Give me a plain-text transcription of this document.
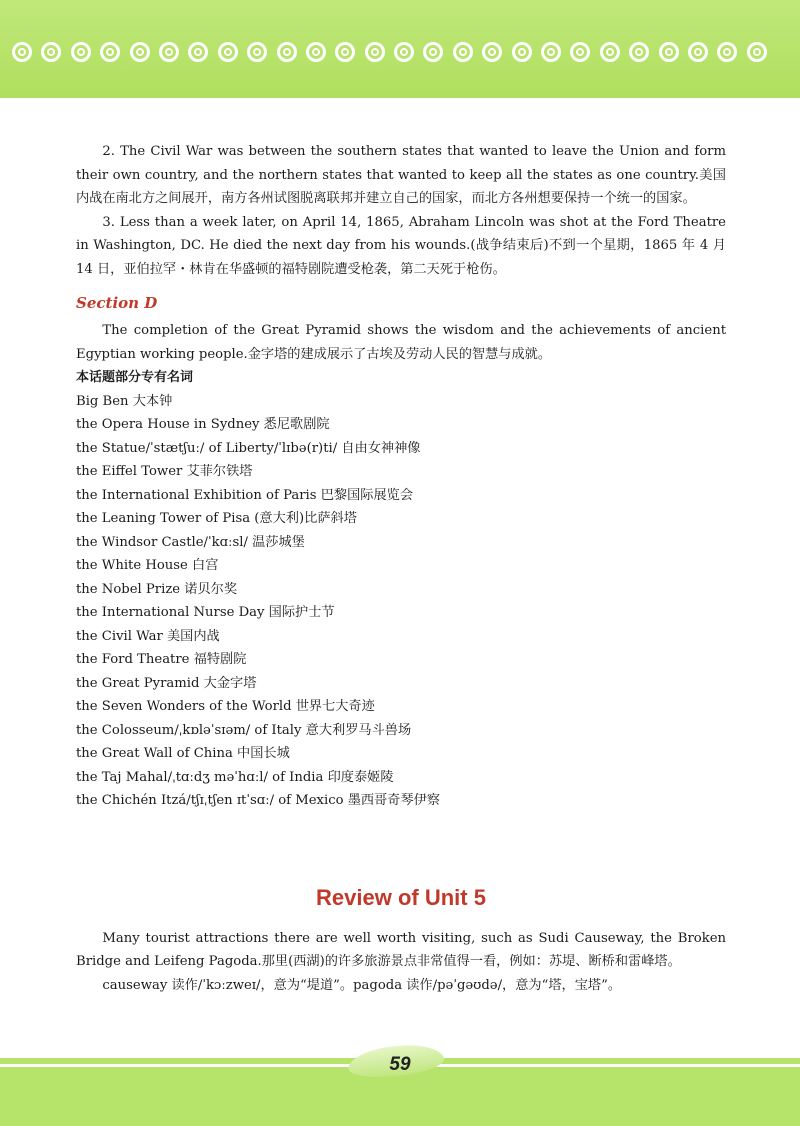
2. The Civil War was between the southern states that wanted to leave the Union and form their own country, and the northern states that wanted to keep all the states as one country.美国内战在南北方之间展开，南方各州试图脱离联邦并建立自己的国家，而北方各州想要保持一个统一的国家。

3. Less than a week later, on April 14, 1865, Abraham Lincoln was shot at the Ford Theatre in Washington, DC. He died the next day from his wounds.(战争结束后)不到一个星期，1865 年 4 月 14 日，亚伯拉罕・林肯在华盛顿的福特剧院遭受枪袭，第二天死于枪伤。

Section D

The completion of the Great Pyramid shows the wisdom and the achievements of ancient Egyptian working people.金字塔的建成展示了古埃及劳动人民的智慧与成就。

本话题部分专有名词
Big Ben 大本钟
the Opera House in Sydney 悉尼歌剧院
the Statue/ˈstætʃuː/ of Liberty/ˈlɪbə(r)ti/ 自由女神神像
the Eiffel Tower 艾菲尔铁塔
the International Exhibition of Paris 巴黎国际展览会
the Leaning Tower of Pisa (意大利)比萨斜塔
the Windsor Castle/ˈkɑːsl/ 温莎城堡
the White House 白宫
the Nobel Prize 诺贝尔奖
the International Nurse Day 国际护士节
the Civil War 美国内战
the Ford Theatre 福特剧院
the Great Pyramid 大金字塔
the Seven Wonders of the World 世界七大奇迹
the Colosseum/ˌkɒləˈsɪəm/ of Italy 意大利罗马斗兽场
the Great Wall of China 中国长城
the Taj Mahal/ˌtɑːdʒ məˈhɑːl/ of India 印度泰姬陵
the Chichén Itzá/tʃɪˌtʃen ɪtˈsɑː/ of Mexico 墨西哥奇琴伊察
Review of Unit 5

Many tourist attractions there are well worth visiting, such as Sudi Causeway, the Broken Bridge and Leifeng Pagoda.那里(西湖)的许多旅游景点非常值得一看，例如：苏堤、断桥和雷峰塔。

causeway 读作/ˈkɔːzweɪ/，意为“堤道”。pagoda 读作/pəˈgəʊdə/，意为“塔，宝塔”。

59
